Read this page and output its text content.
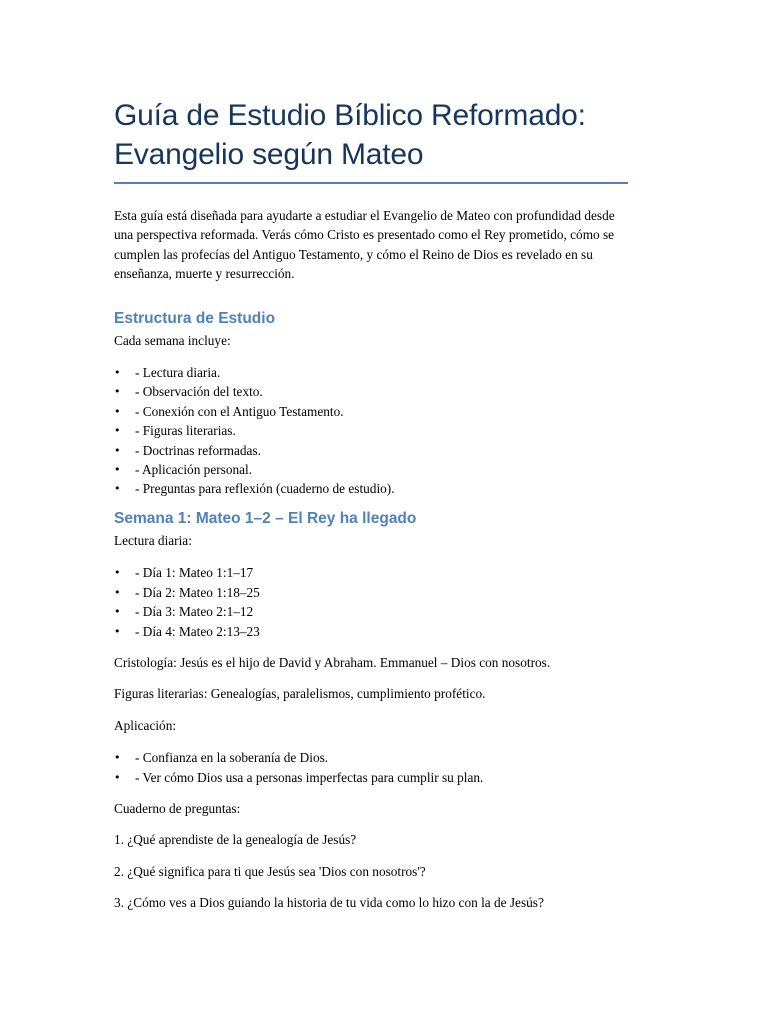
Guía de Estudio Bíblico Reformado:
Evangelio según Mateo

Esta guía está diseñada para ayudarte a estudiar el Evangelio de Mateo con profundidad desde una perspectiva reformada. Verás cómo Cristo es presentado como el Rey prometido, cómo se cumplen las profecías del Antiguo Testamento, y cómo el Reino de Dios es revelado en su enseñanza, muerte y resurrección.

Estructura de Estudio

Cada semana incluye:

• - Lectura diaria.
• - Observación del texto.
• - Conexión con el Antiguo Testamento.
• - Figuras literarias.
• - Doctrinas reformadas.
• - Aplicación personal.
• - Preguntas para reflexión (cuaderno de estudio).
Semana 1: Mateo 1–2 – El Rey ha llegado

Lectura diaria:

• - Día 1: Mateo 1:1–17
• - Día 2: Mateo 1:18–25
• - Día 3: Mateo 2:1–12
• - Día 4: Mateo 2:13–23

Cristología: Jesús es el hijo de David y Abraham. Emmanuel – Dios con nosotros.

Figuras literarias: Genealogías, paralelismos, cumplimiento profético.

Aplicación:

• - Confianza en la soberanía de Dios.
• - Ver cómo Dios usa a personas imperfectas para cumplir su plan.

Cuaderno de preguntas:

1. ¿Qué aprendiste de la genealogía de Jesús?

2. ¿Qué significa para ti que Jesús sea 'Dios con nosotros'?

3. ¿Cómo ves a Dios guiando la historia de tu vida como lo hizo con la de Jesús?
